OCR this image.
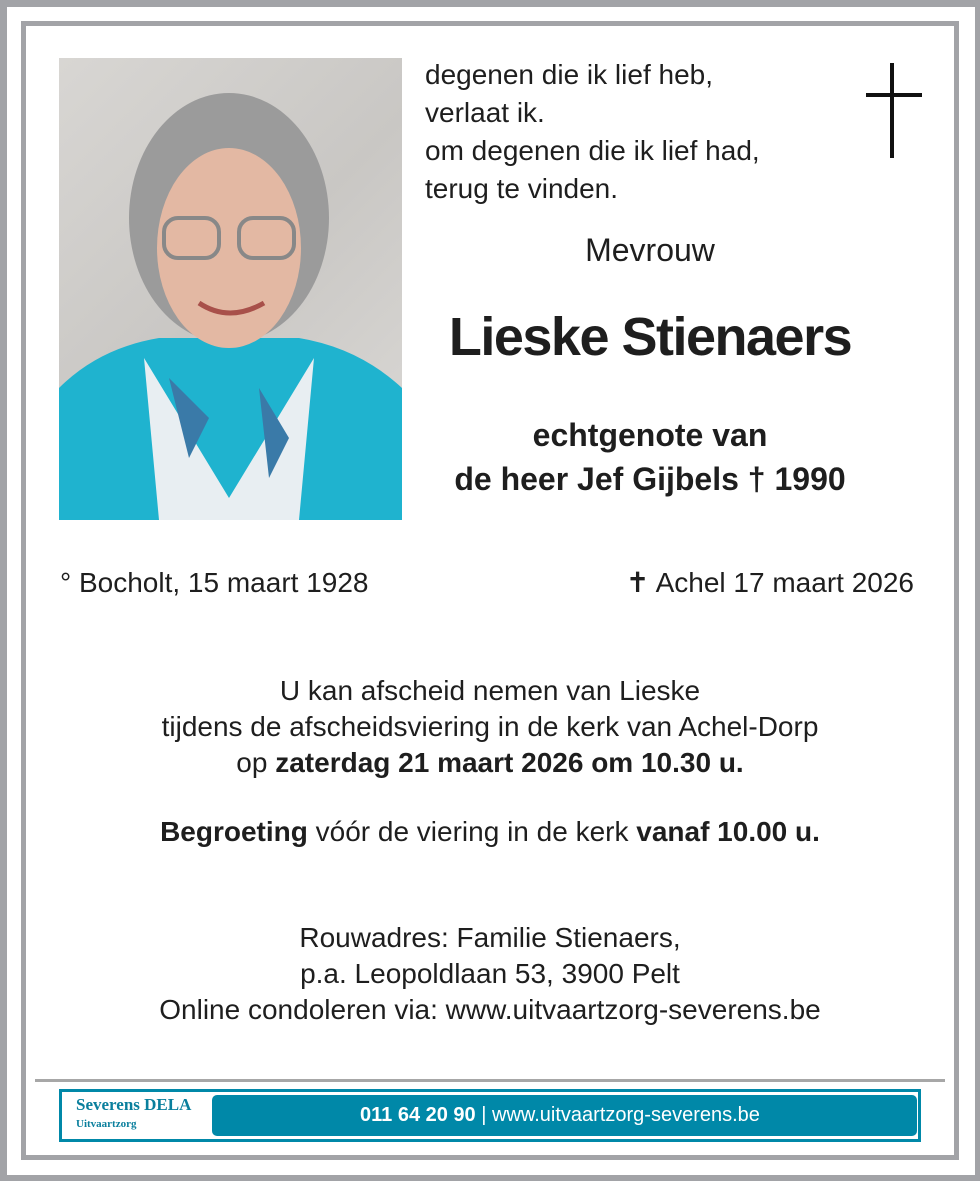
degenen die ik lief heb,
verlaat ik.
om degenen die ik lief had,
terug te vinden.
Mevrouw
Lieske Stienaers
echtgenote van
de heer Jef Gijbels † 1990
° Bocholt, 15 maart 1928	✝ Achel 17 maart 2026
U kan afscheid nemen van Lieske
tijdens de afscheidsviering in de kerk van Achel-Dorp
op zaterdag 21 maart 2026 om 10.30 u.
Begroeting vóór de viering in de kerk vanaf 10.00 u.
Rouwadres: Familie Stienaers,
p.a. Leopoldlaan 53, 3900 Pelt
Online condoleren via: www.uitvaartzorg-severens.be
Severens DELA
Uitvaartzorg	011 64 20 90 | www.uitvaartzorg-severens.be
